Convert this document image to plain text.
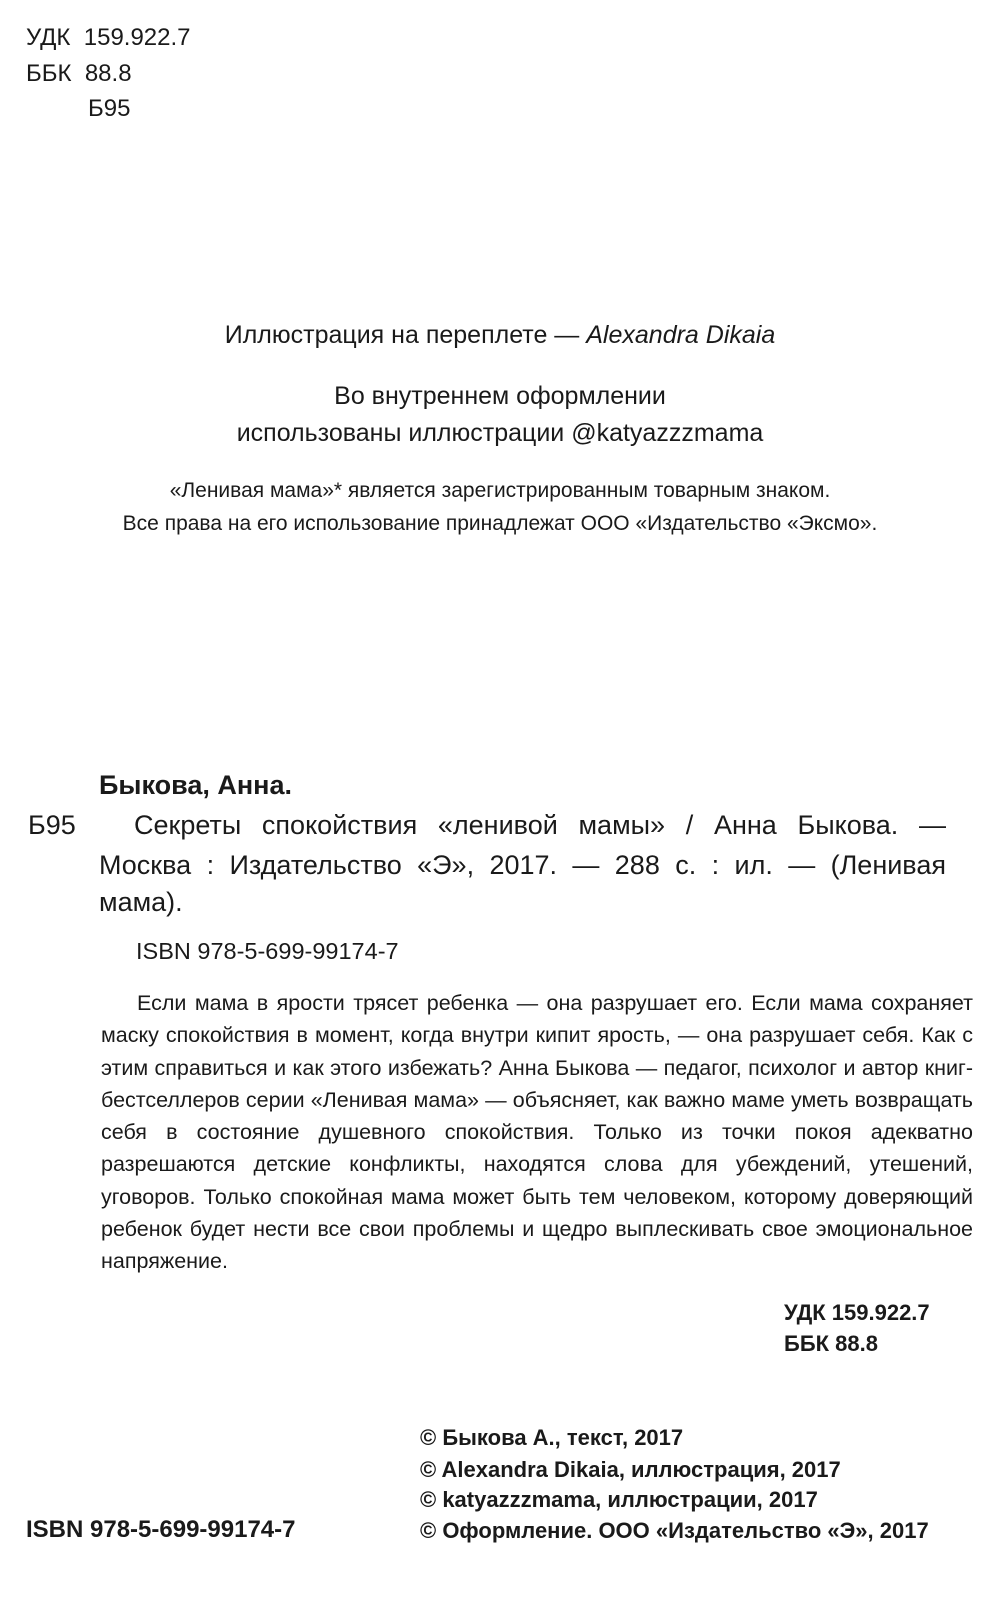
УДК 159.922.7
ББК 88.8
Б95
Иллюстрация на переплете — Alexandra Dikaia
Во внутреннем оформлении
использованы иллюстрации @katyazzzmama
«Ленивая мама»* является зарегистрированным товарным знаком.
Все права на его использование принадлежат ООО «Издательство «Эксмо».
Быкова, Анна.
Б95 Секреты спокойствия «ленивой мамы» / Анна Быкова. —
Москва : Издательство «Э», 2017. — 288 с. : ил. — (Ленивая
мама).
ISBN 978-5-699-99174-7
Если мама в ярости трясет ребенка — она разрушает его. Если мама сохраняет маску спокойствия в момент, когда внутри кипит ярость, — она разрушает себя. Как с этим справиться и как этого избежать? Анна Быкова — педагог, психолог и автор книг-бестселлеров серии «Ленивая мама» — объясняет, как важно маме уметь возвращать себя в состояние душевного спокойствия. Только из точки покоя адекватно разрешаются детские конфликты, находятся слова для убеждений, утешений, уговоров. Только спокойная мама может быть тем человеком, которому доверяющий ребенок будет нести все свои проблемы и щедро выплескивать свое эмоциональное напряжение.
УДК 159.922.7
ББК 88.8
© Быкова А., текст, 2017
© Alexandra Dikaia, иллюстрация, 2017
© katyazzzmama, иллюстрации, 2017
© Оформление. ООО «Издательство «Э», 2017
ISBN 978-5-699-99174-7
